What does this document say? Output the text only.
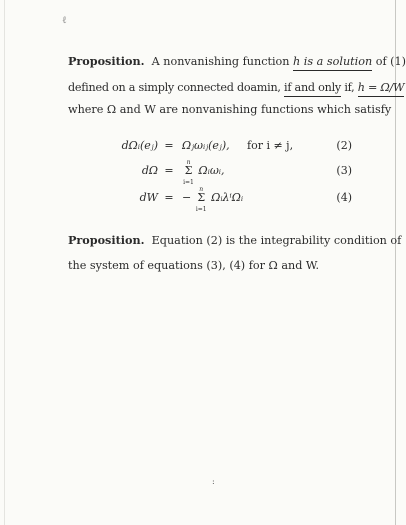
ℓ
Proposition. A nonvanishing function h is a solution of (1)
defined on a simply connected doamin, if and only if, h = Ω/W
where Ω and W are nonvanishing functions which satisfy
dΩᵢ(eⱼ) = Ωⱼωᵢⱼ(eⱼ), for i ≠ j,	(2)
dΩ =
n
Σ
i=1
Ωᵢωᵢ,	(3)
dW = −
n
Σ
i=1
ΩᵢλⁱΩᵢ	(4)
Proposition. Equation (2) is the integrability condition of
the system of equations (3), (4) for Ω and W.
:
